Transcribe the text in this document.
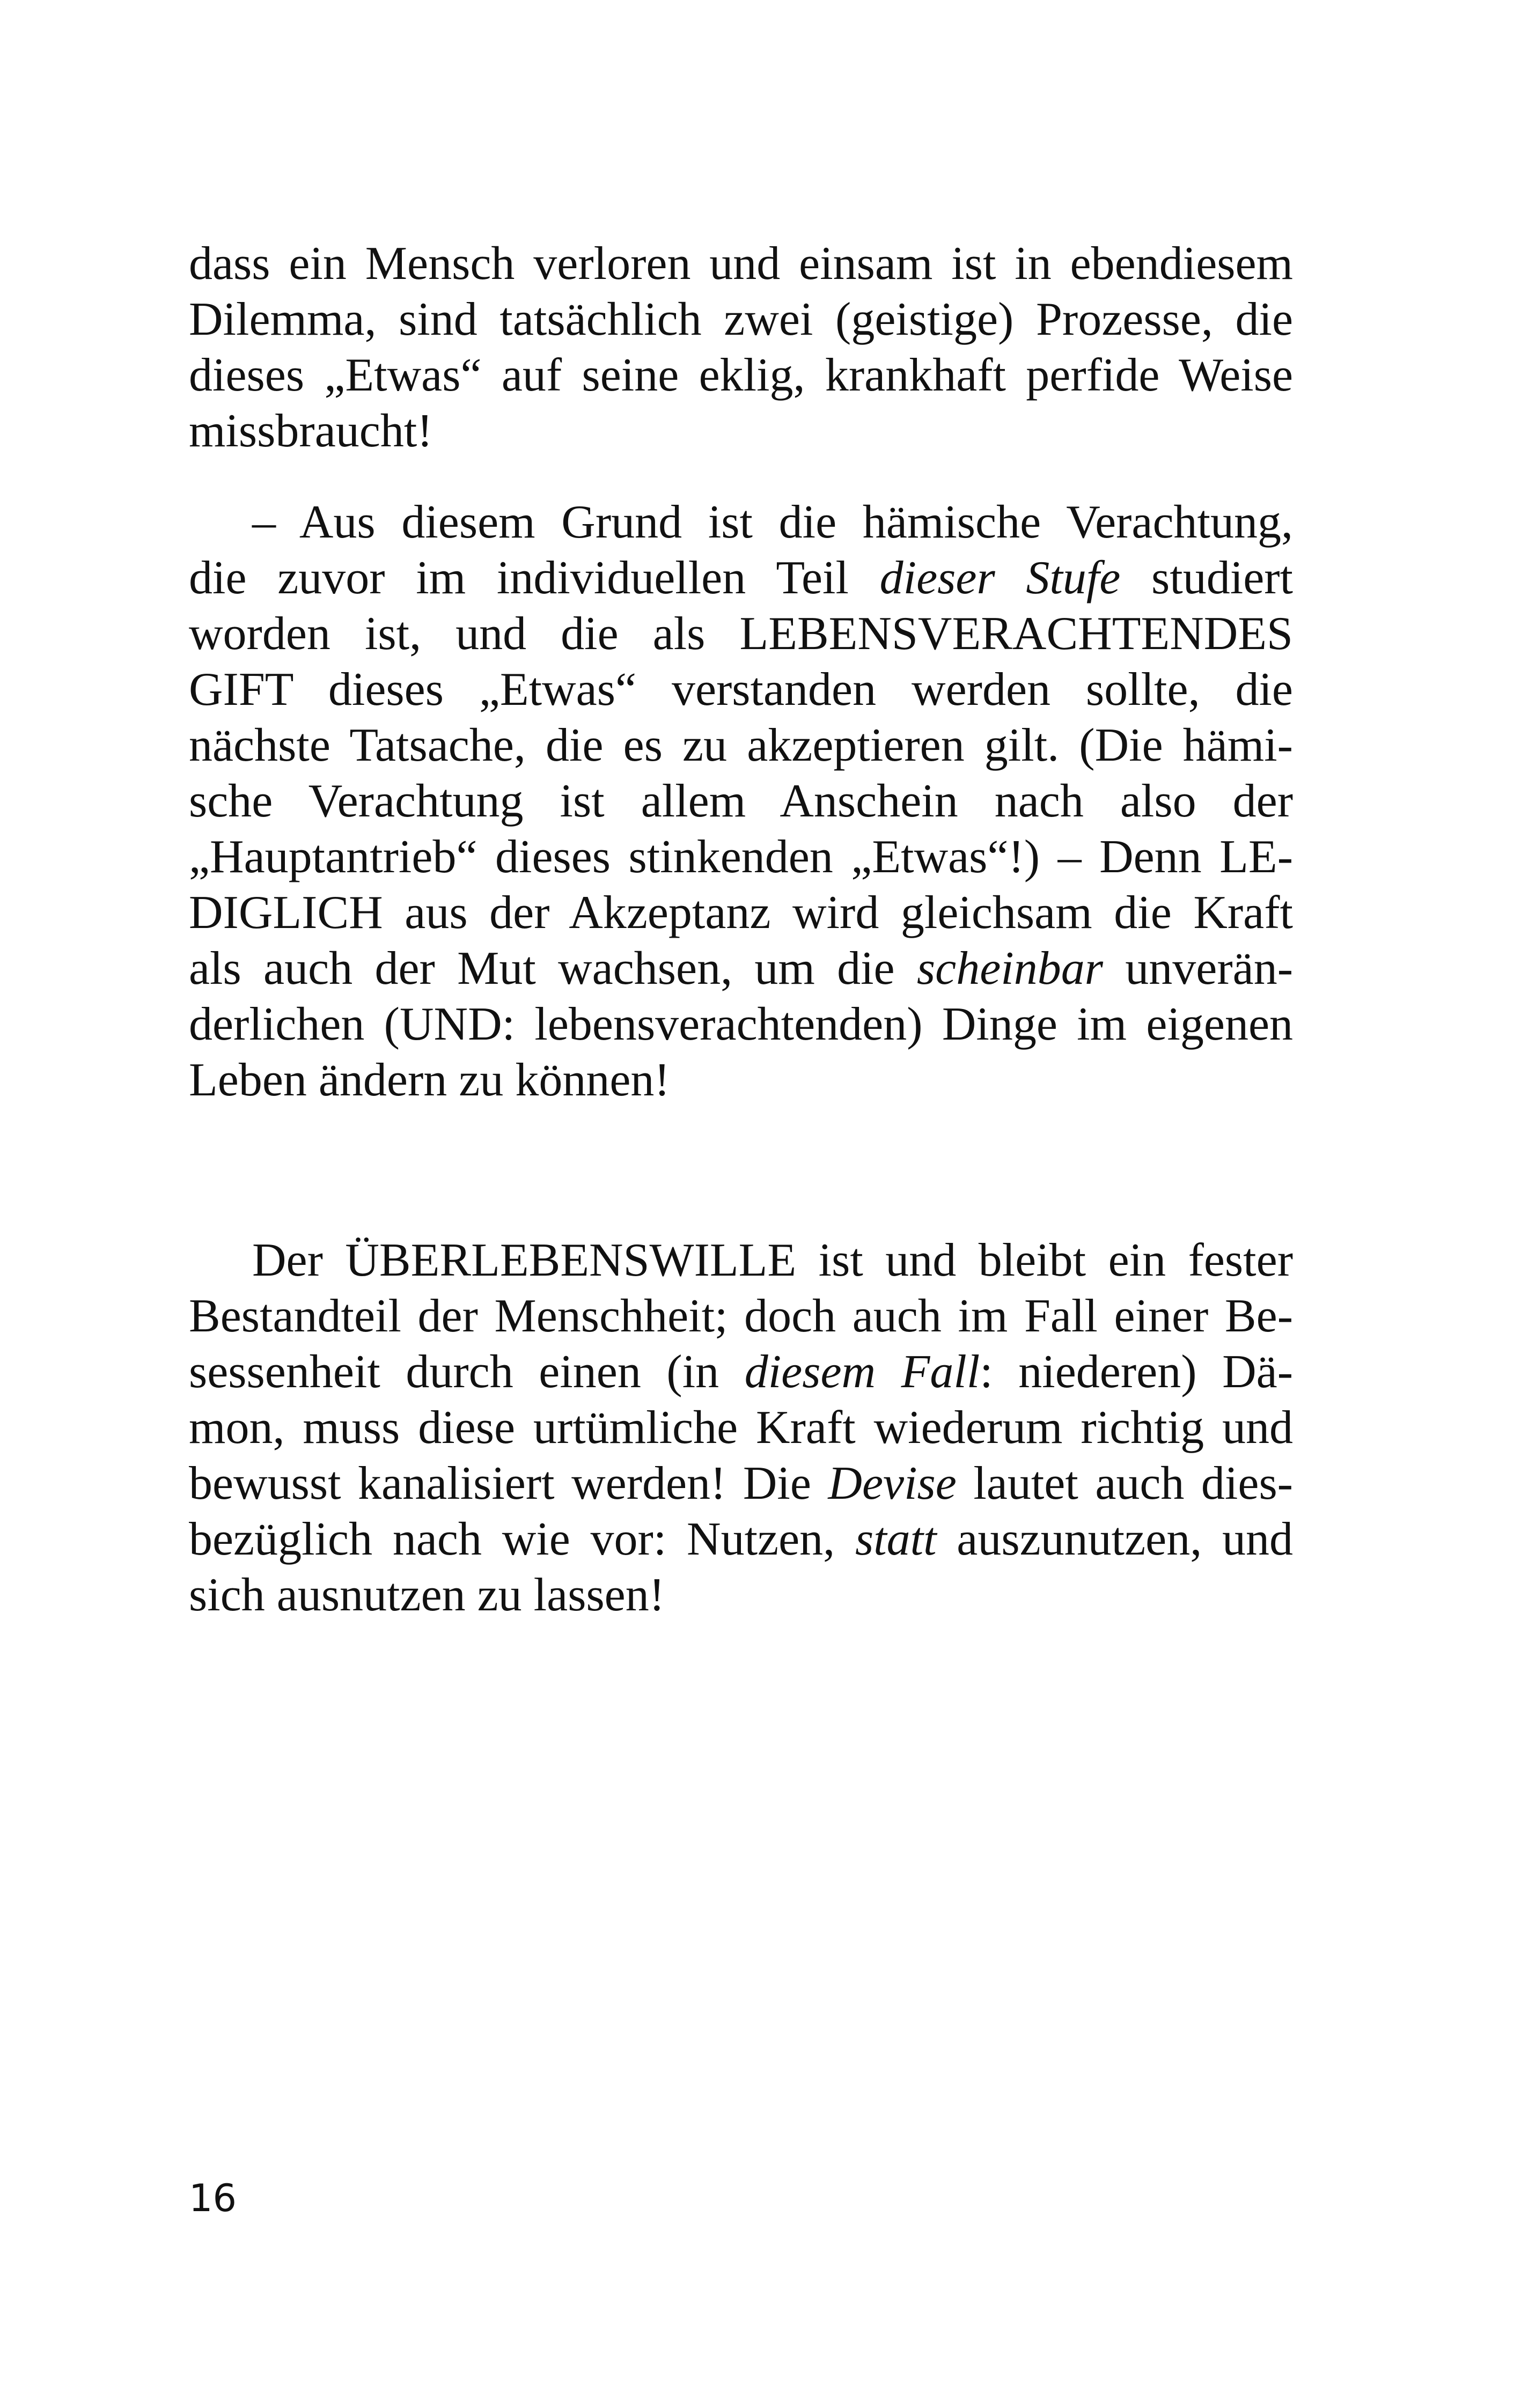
dass ein Mensch verloren und einsam ist in ebendiesem
Dilemma, sind tatsächlich zwei (geistige) Prozesse, die
dieses „Etwas“ auf seine eklig, krankhaft perfide Weise
missbraucht!
– Aus diesem Grund ist die hämische Verachtung,
die zuvor im individuellen Teil dieser Stufe studiert
worden ist, und die als LEBENSVERACHTENDES
GIFT dieses „Etwas“ verstanden werden sollte, die
nächste Tatsache, die es zu akzeptieren gilt. (Die hämi-
sche Verachtung ist allem Anschein nach also der
„Hauptantrieb“ dieses stinkenden „Etwas“!) – Denn LE-
DIGLICH aus der Akzeptanz wird gleichsam die Kraft
als auch der Mut wachsen, um die scheinbar unverän-
derlichen (UND: lebensverachtenden) Dinge im eigenen
Leben ändern zu können!
Der ÜBERLEBENSWILLE ist und bleibt ein fester
Bestandteil der Menschheit; doch auch im Fall einer Be-
sessenheit durch einen (in diesem Fall: niederen) Dä-
mon, muss diese urtümliche Kraft wiederum richtig und
bewusst kanalisiert werden! Die Devise lautet auch dies-
bezüglich nach wie vor: Nutzen, statt auszunutzen, und
sich ausnutzen zu lassen!
16
